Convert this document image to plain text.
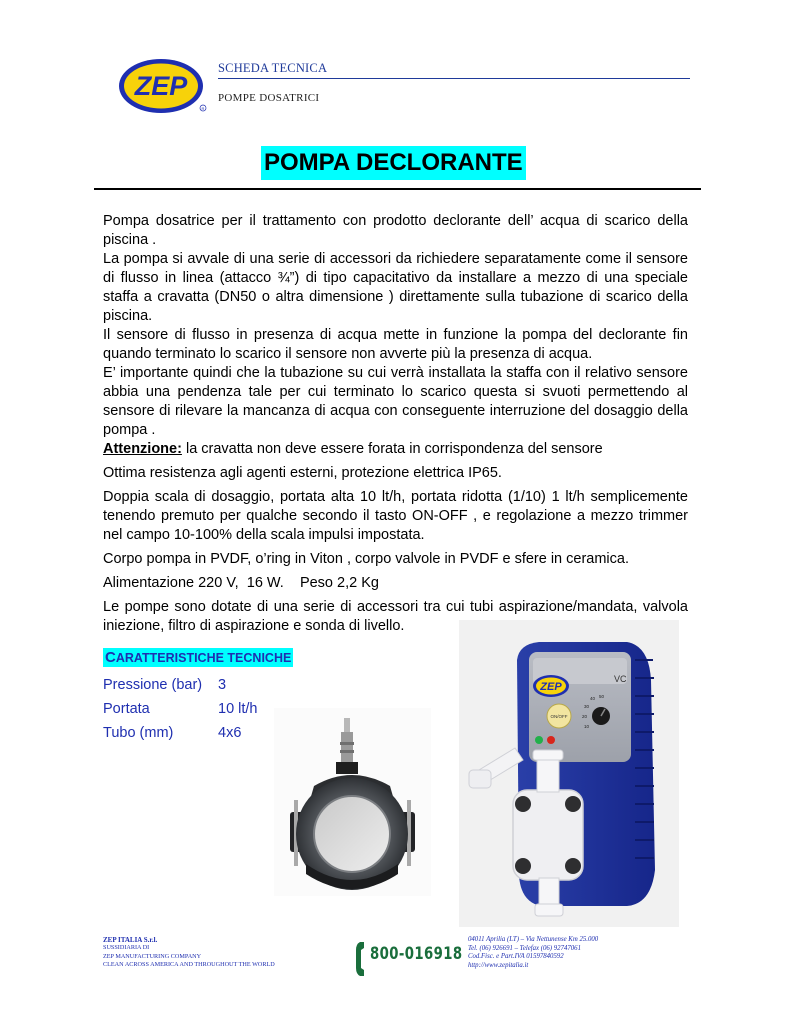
ZEP
R
SCHEDA TECNICA
POMPE DOSATRICI
POMPA DECLORANTE

Pompa dosatrice per il trattamento con prodotto declorante dell’ acqua di scarico della piscina .

La pompa si avvale di una serie di accessori da richiedere separatamente come il sensore di flusso in linea (attacco ¾”) di tipo capacitativo da installare a mezzo di una speciale staffa a cravatta (DN50 o altra dimensione ) direttamente sulla tubazione di scarico della piscina.

Il sensore di flusso in presenza di acqua mette in funzione la pompa del declorante fin quando terminato lo scarico il sensore non avverte più la presenza di acqua.

E’ importante quindi che la tubazione su cui verrà installata la staffa con il relativo sensore abbia una pendenza tale per cui terminato lo scarico questa si svuoti permettendo al sensore di rilevare la mancanza di acqua con conseguente interruzione del dosaggio della pompa .

Attenzione: la cravatta non deve essere forata in corrispondenza del sensore

Ottima resistenza agli agenti esterni, protezione elettrica IP65.

Doppia scala di dosaggio, portata alta 10 lt/h, portata ridotta (1/10) 1 lt/h semplicemente tenendo premuto per qualche secondo il tasto ON-OFF , e regolazione a mezzo trimmer nel campo 10-100% della scala impulsi impostata.

Corpo pompa in PVDF, o’ring in Viton , corpo valvole in PVDF e sfere in ceramica.

Alimentazione 220 V,  16 W.    Peso 2,2 Kg

Le pompe sono dotate di una serie di accessori tra cui tubi aspirazione/mandata, valvola iniezione, filtro di aspirazione e sonda di livello.

CARATTERISTICHE TECNICHE
Pressione (bar) 3
Portata	10 lt/h
Tubo (mm)	4x6
ZEP
VC
ON/OFF
40 50
30
20
10
ZEP ITALIA S.r.l.
SUSSIDIARIA DI
ZEP MANUFACTURING COMPANY
CLEAN ACROSS AMERICA AND THROUGHOUT THE WORLD
800-016918
04011 Aprilia (LT) – Via Nettunense Km 25.000
Tel. (06) 926691 – Telefax (06) 92747061
Cod.Fisc. e Part.IVA 01597840592
http://www.zepitalia.it
